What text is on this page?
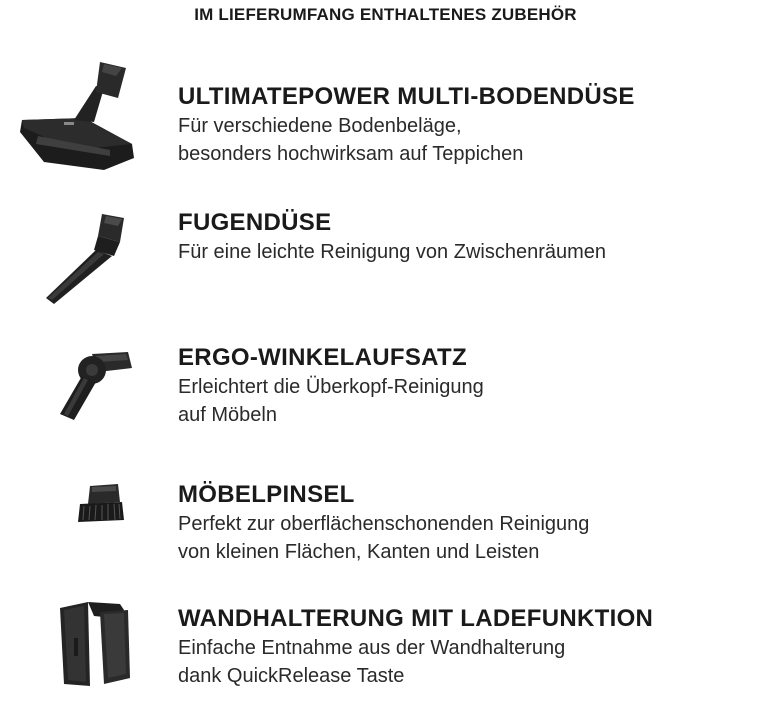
IM LIEFERUMFANG ENTHALTENES ZUBEHÖR
ULTIMATEPOWER MULTI-BODENDÜSE
Für verschiedene Bodenbeläge,
besonders hochwirksam auf Teppichen
FUGENDÜSE
Für eine leichte Reinigung von Zwischenräumen
ERGO-WINKELAUFSATZ
Erleichtert die Überkopf-Reinigung
auf Möbeln
MÖBELPINSEL
Perfekt zur oberflächenschonenden Reinigung
von kleinen Flächen, Kanten und Leisten
WANDHALTERUNG MIT LADEFUNKTION
Einfache Entnahme aus der Wandhalterung
dank QuickRelease Taste
